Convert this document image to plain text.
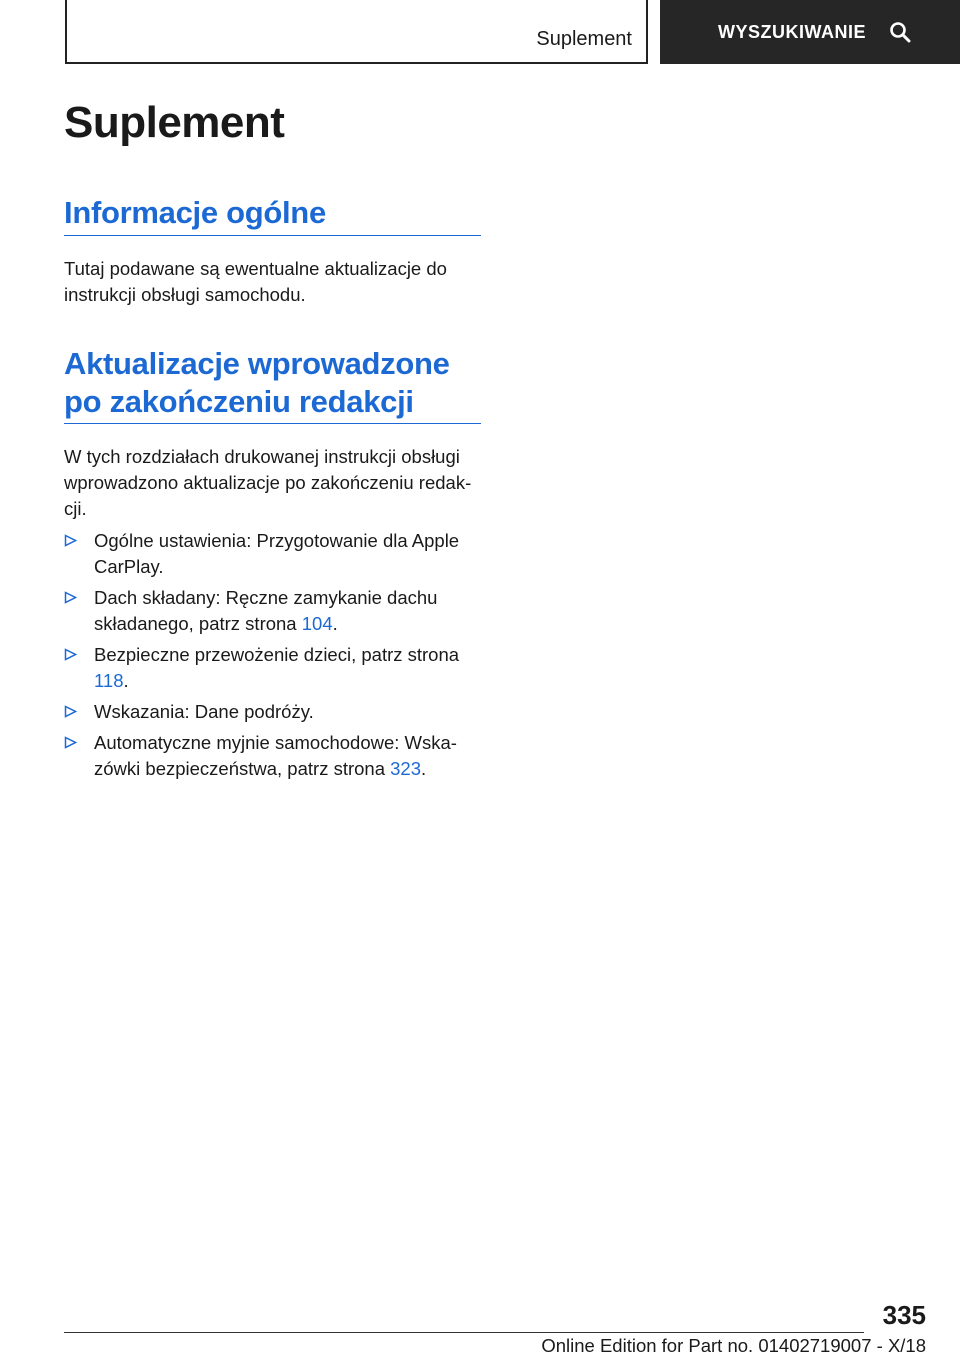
Suplement	WYSZUKIWANIE
Suplement
Informacje ogólne

Tutaj podawane są ewentualne aktualizacje do instrukcji obsługi samochodu.

Aktualizacje wprowadzone
po zakończeniu redakcji

W tych rozdziałach drukowanej instrukcji obsługi wprowadzono aktualizacje po zakończeniu redak‐cji.

Ogólne ustawienia: Przygotowanie dla Apple CarPlay.
Dach składany: Ręczne zamykanie dachu składanego, patrz strona 104.
Bezpieczne przewożenie dzieci, patrz strona 118.
Wskazania: Dane podróży.
Automatyczne myjnie samochodowe: Wska‐zówki bezpieczeństwa, patrz strona 323.
335
Online Edition for Part no. 01402719007 - X/18
